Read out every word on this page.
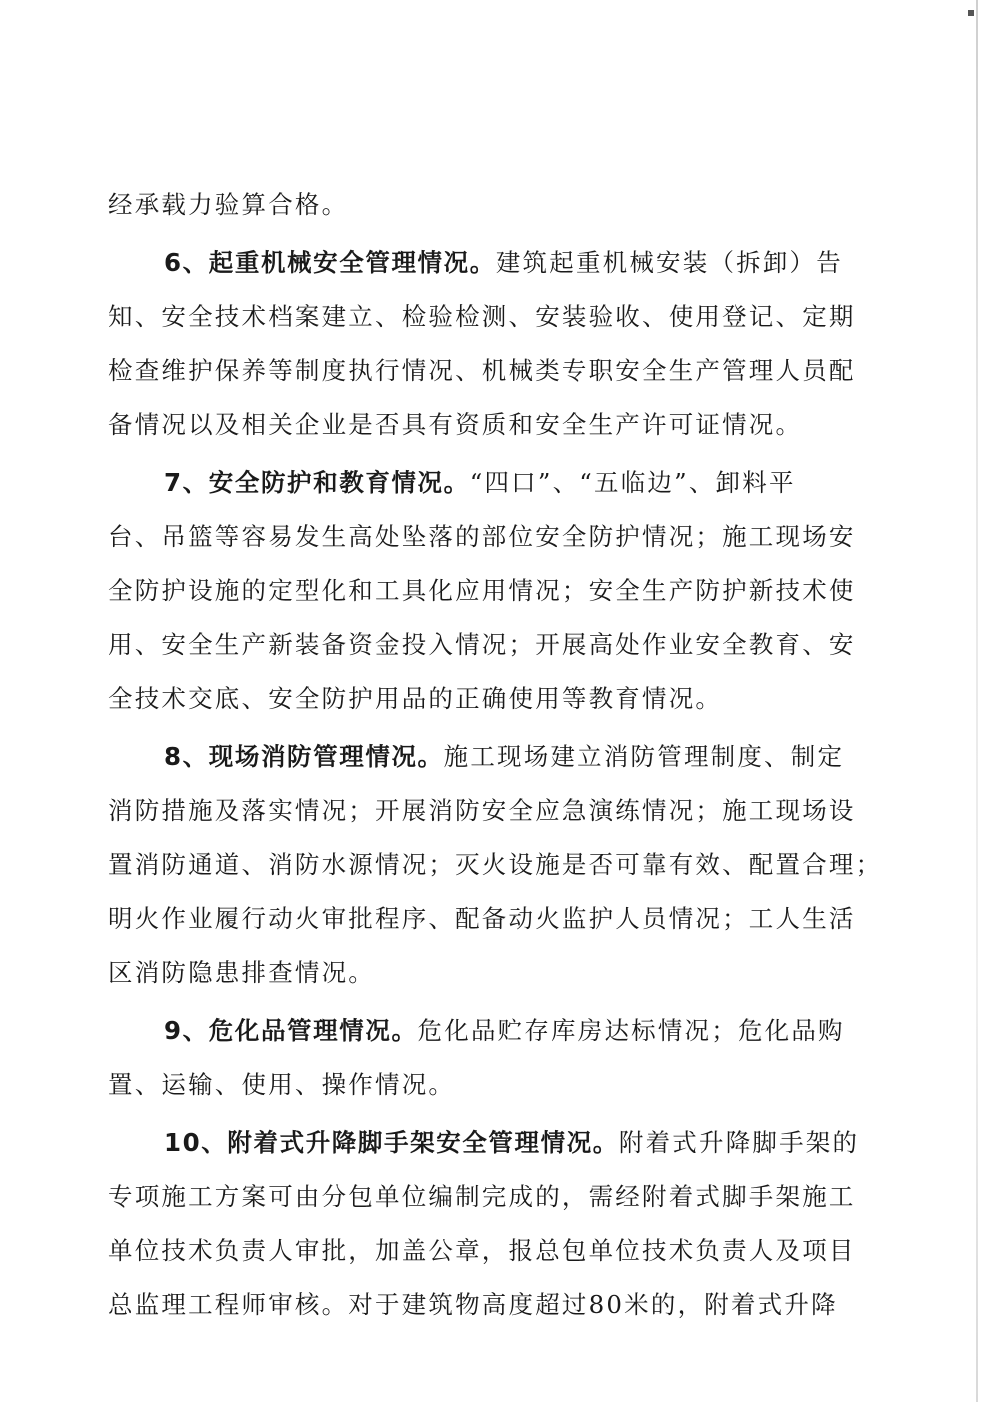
经承载力验算合格。
6、起重机械安全管理情况。建筑起重机械安装（拆卸）告
知、安全技术档案建立、检验检测、安装验收、使用登记、定期
检查维护保养等制度执行情况、机械类专职安全生产管理人员配
备情况以及相关企业是否具有资质和安全生产许可证情况。
7、安全防护和教育情况。“四口”、“五临边”、卸料平
台、吊篮等容易发生高处坠落的部位安全防护情况；施工现场安
全防护设施的定型化和工具化应用情况；安全生产防护新技术使
用、安全生产新装备资金投入情况；开展高处作业安全教育、安
全技术交底、安全防护用品的正确使用等教育情况。
8、现场消防管理情况。施工现场建立消防管理制度、制定
消防措施及落实情况；开展消防安全应急演练情况；施工现场设
置消防通道、消防水源情况；灭火设施是否可靠有效、配置合理；
明火作业履行动火审批程序、配备动火监护人员情况；工人生活
区消防隐患排查情况。
9、危化品管理情况。危化品贮存库房达标情况；危化品购
置、运输、使用、操作情况。
10、附着式升降脚手架安全管理情况。附着式升降脚手架的
专项施工方案可由分包单位编制完成的，需经附着式脚手架施工
单位技术负责人审批，加盖公章，报总包单位技术负责人及项目
总监理工程师审核。对于建筑物高度超过80米的，附着式升降
